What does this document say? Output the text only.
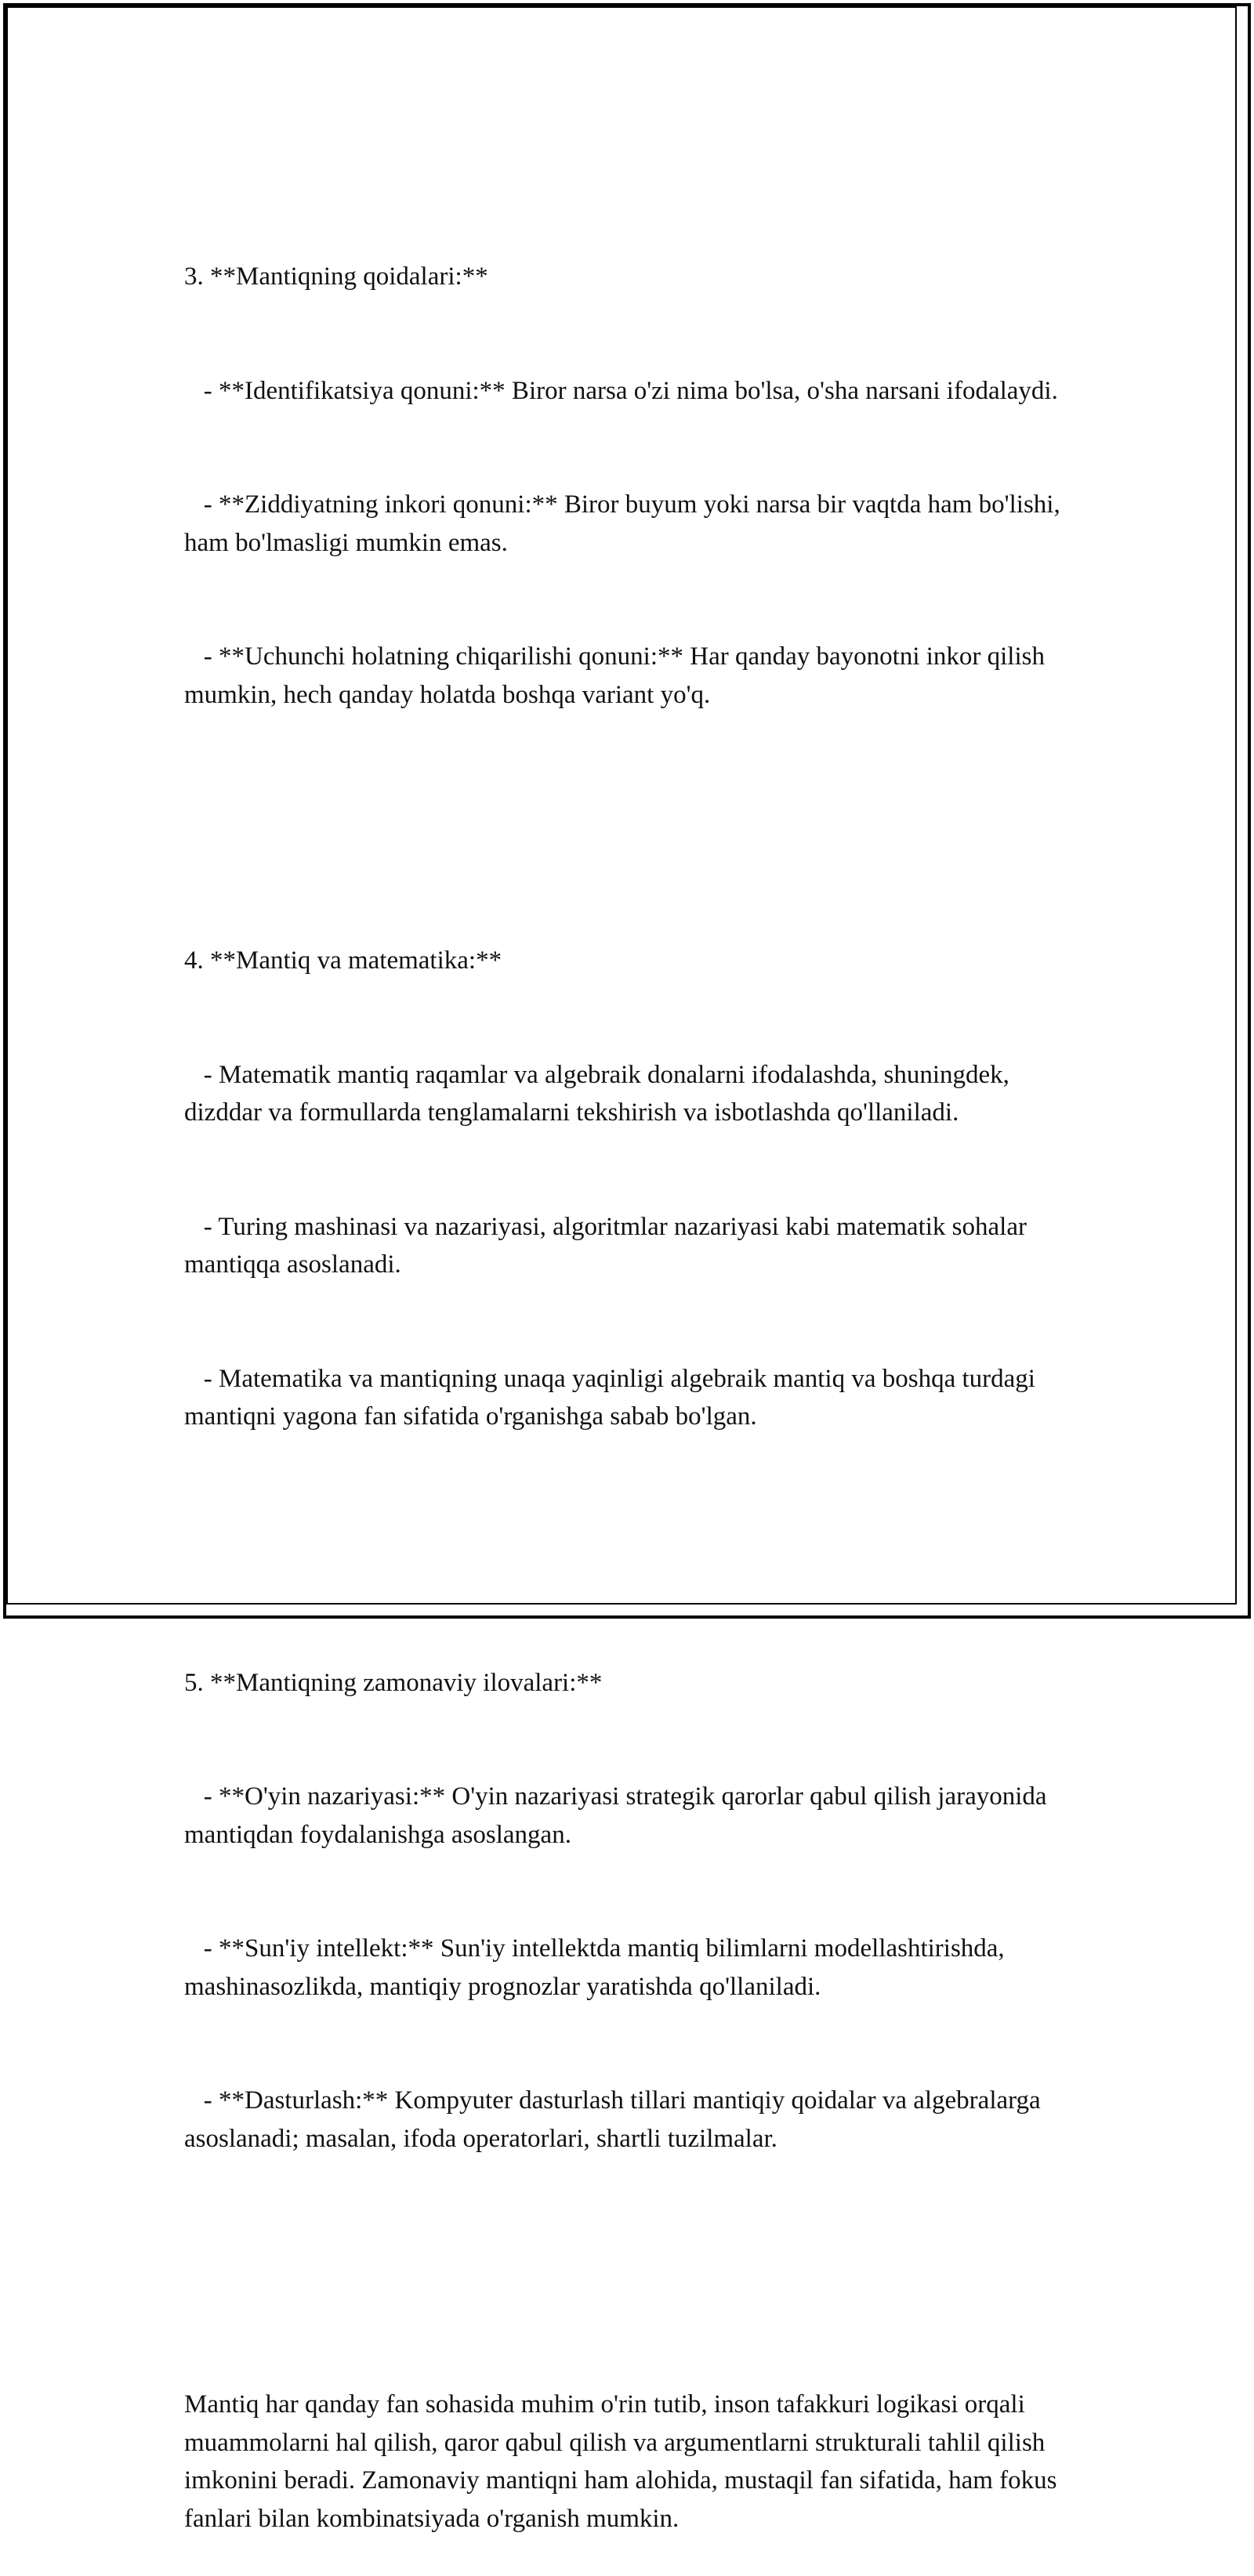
3. **Mantiqning qoidalari:**

- **Identifikatsiya qonuni:** Biror narsa o'zi nima bo'lsa, o'sha narsani ifodalaydi.

- **Ziddiyatning inkori qonuni:** Biror buyum yoki narsa bir vaqtda ham bo'lishi, ham bo'lmasligi mumkin emas.

- **Uchunchi holatning chiqarilishi qonuni:** Har qanday bayonotni inkor qilish mumkin, hech qanday holatda boshqa variant yo'q.

4. **Mantiq va matematika:**

- Matematik mantiq raqamlar va algebraik donalarni ifodalashda, shuningdek, dizddar va formullarda tenglamalarni tekshirish va isbotlashda qo'llaniladi.

- Turing mashinasi va nazariyasi, algoritmlar nazariyasi kabi matematik sohalar mantiqqa asoslanadi.

- Matematika va mantiqning unaqa yaqinligi algebraik mantiq va boshqa turdagi mantiqni yagona fan sifatida o'rganishga sabab bo'lgan.

5. **Mantiqning zamonaviy ilovalari:**

- **O'yin nazariyasi:** O'yin nazariyasi strategik qarorlar qabul qilish jarayonida mantiqdan foydalanishga asoslangan.

- **Sun'iy intellekt:** Sun'iy intellektda mantiq bilimlarni modellashtirishda, mashinasozlikda, mantiqiy prognozlar yaratishda qo'llaniladi.

- **Dasturlash:** Kompyuter dasturlash tillari mantiqiy qoidalar va algebralarga asoslanadi; masalan, ifoda operatorlari, shartli tuzilmalar.

Mantiq har qanday fan sohasida muhim o'rin tutib, inson tafakkuri logikasi orqali muammolarni hal qilish, qaror qabul qilish va argumentlarni strukturali tahlil qilish imkonini beradi. Zamonaviy mantiqni ham alohida, mustaqil fan sifatida, ham fokus fanlari bilan kombinatsiyada o'rganish mumkin.
